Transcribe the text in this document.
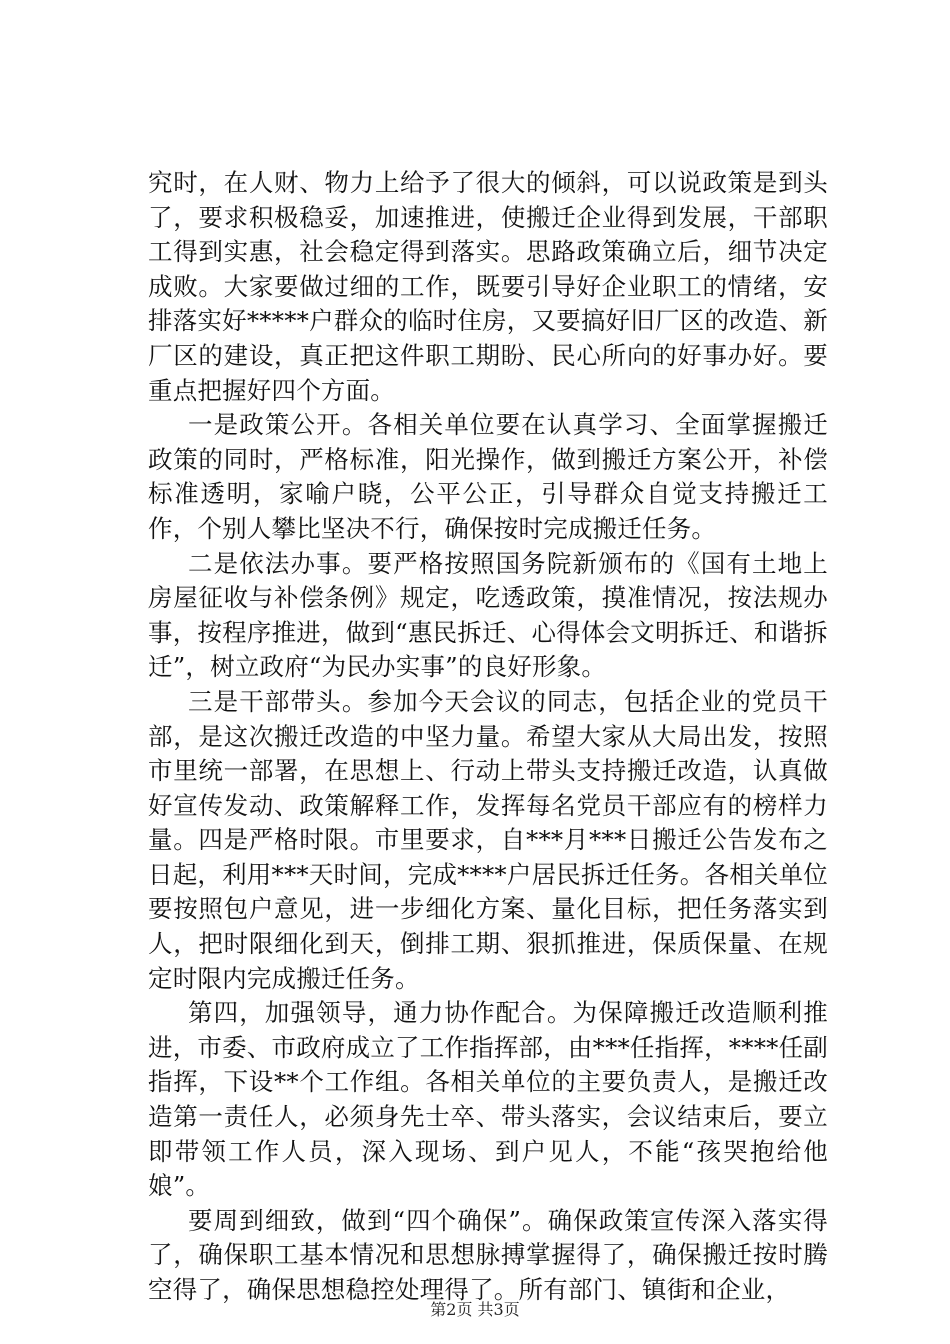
究时，在人财、物力上给予了很大的倾斜，可以说政策是到头了，要求积极稳妥，加速推进，使搬迁企业得到发展，干部职工得到实惠，社会稳定得到落实。思路政策确立后，细节决定成败。大家要做过细的工作，既要引导好企业职工的情绪，安排落实好*****户群众的临时住房，又要搞好旧厂区的改造、新厂区的建设，真正把这件职工期盼、民心所向的好事办好。要重点把握好四个方面。

一是政策公开。各相关单位要在认真学习、全面掌握搬迁政策的同时，严格标准，阳光操作，做到搬迁方案公开，补偿标准透明，家喻户晓，公平公正，引导群众自觉支持搬迁工作，个别人攀比坚决不行，确保按时完成搬迁任务。

二是依法办事。要严格按照国务院新颁布的《国有土地上房屋征收与补偿条例》规定，吃透政策，摸准情况，按法规办事，按程序推进，做到“惠民拆迁、心得体会文明拆迁、和谐拆迁”，树立政府“为民办实事”的良好形象。

三是干部带头。参加今天会议的同志，包括企业的党员干部，是这次搬迁改造的中坚力量。希望大家从大局出发，按照市里统一部署，在思想上、行动上带头支持搬迁改造，认真做好宣传发动、政策解释工作，发挥每名党员干部应有的榜样力量。四是严格时限。市里要求，自***月***日搬迁公告发布之日起，利用***天时间，完成****户居民拆迁任务。各相关单位要按照包户意见，进一步细化方案、量化目标，把任务落实到人，把时限细化到天，倒排工期、狠抓推进，保质保量、在规定时限内完成搬迁任务。

第四，加强领导，通力协作配合。为保障搬迁改造顺利推进，市委、市政府成立了工作指挥部，由***任指挥，****任副指挥，下设**个工作组。各相关单位的主要负责人，是搬迁改造第一责任人，必须身先士卒、带头落实，会议结束后，要立即带领工作人员，深入现场、到户见人，不能“孩哭抱给他娘”。

要周到细致，做到“四个确保”。确保政策宣传深入落实得了，确保职工基本情况和思想脉搏掌握得了，确保搬迁按时腾空得了，确保思想稳控处理得了。所有部门、镇街和企业，

第2页 共3页
